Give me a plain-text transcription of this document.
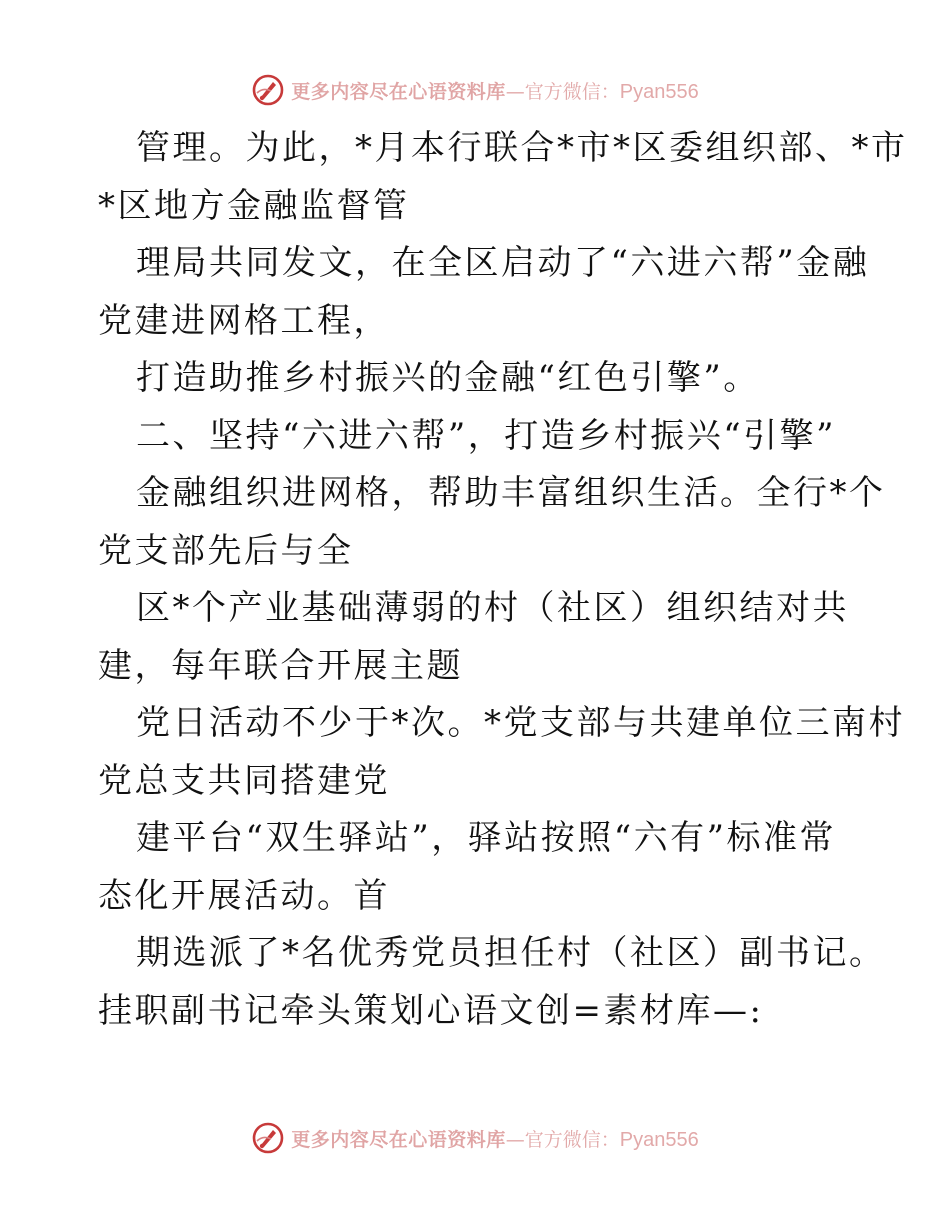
更多内容尽在心语资料库 —官方微信： Pyan556
管理。为此，*月本行联合*市*区委组织部、*市
*区地方金融监督管
理局共同发文，在全区启动了“六进六帮”金融
党建进网格工程，
打造助推乡村振兴的金融“红色引擎”。
二、坚持“六进六帮”，打造乡村振兴“引擎”
金融组织进网格，帮助丰富组织生活。全行*个
党支部先后与全
区*个产业基础薄弱的村（社区）组织结对共
建，每年联合开展主题
党日活动不少于*次。*党支部与共建单位三南村
党总支共同搭建党
建平台“双生驿站”，驿站按照“六有”标准常
态化开展活动。首
期选派了*名优秀党员担任村（社区）副书记。
挂职副书记牵头策划心语文创=素材库—:
更多内容尽在心语资料库 —官方微信： Pyan556
